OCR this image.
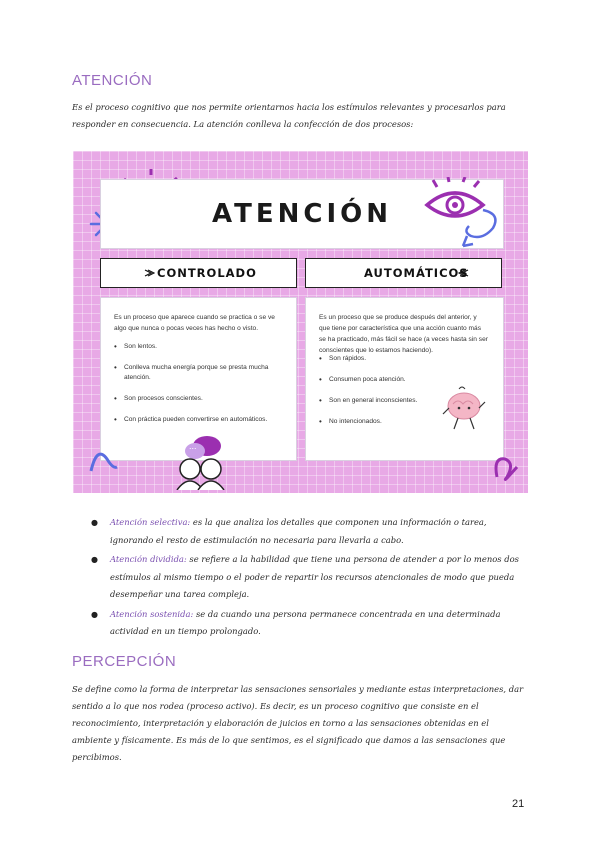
ATENCIÓN
Es el proceso cognitivo que nos permite orientarnos hacia los estímulos relevantes y procesarlos para responder en consecuencia. La atención conlleva la confección de dos procesos:
ATENCIÓN
CONTROLADO	AUTOMÁTICOS
Es un proceso que aparece cuando se practica o se ve algo que nunca o pocas veces has hecho o visto.
• Son lentos.
• Conlleva mucha energía porque se presta mucha atención.
• Son procesos conscientes.
• Con práctica pueden convertirse en automáticos.
Es un proceso que se produce después del anterior, y que tiene por característica que una acción cuanto más se ha practicado, más fácil se hace (a veces hasta sin ser conscientes que lo estamos haciendo).
• Son rápidos.
• Consumen poca atención.
• Son en general inconscientes.
• No intencionados.
...
● Atención selectiva: es la que analiza los detalles que componen una información o tarea, ignorando el resto de estimulación no necesaria para llevarla a cabo.
● Atención dividida: se refiere a la habilidad que tiene una persona de atender a por lo menos dos estímulos al mismo tiempo o el poder de repartir los recursos atencionales de modo que pueda desempeñar una tarea compleja.
● Atención sostenida: se da cuando una persona permanece concentrada en una determinada actividad en un tiempo prolongado.
PERCEPCIÓN
Se define como la forma de interpretar las sensaciones sensoriales y mediante estas interpretaciones, dar sentido a lo que nos rodea (proceso activo). Es decir, es un proceso cognitivo que consiste en el reconocimiento, interpretación y elaboración de juicios en torno a las sensaciones obtenidas en el ambiente y físicamente. Es más de lo que sentimos, es el significado que damos a las sensaciones que percibimos.
21
